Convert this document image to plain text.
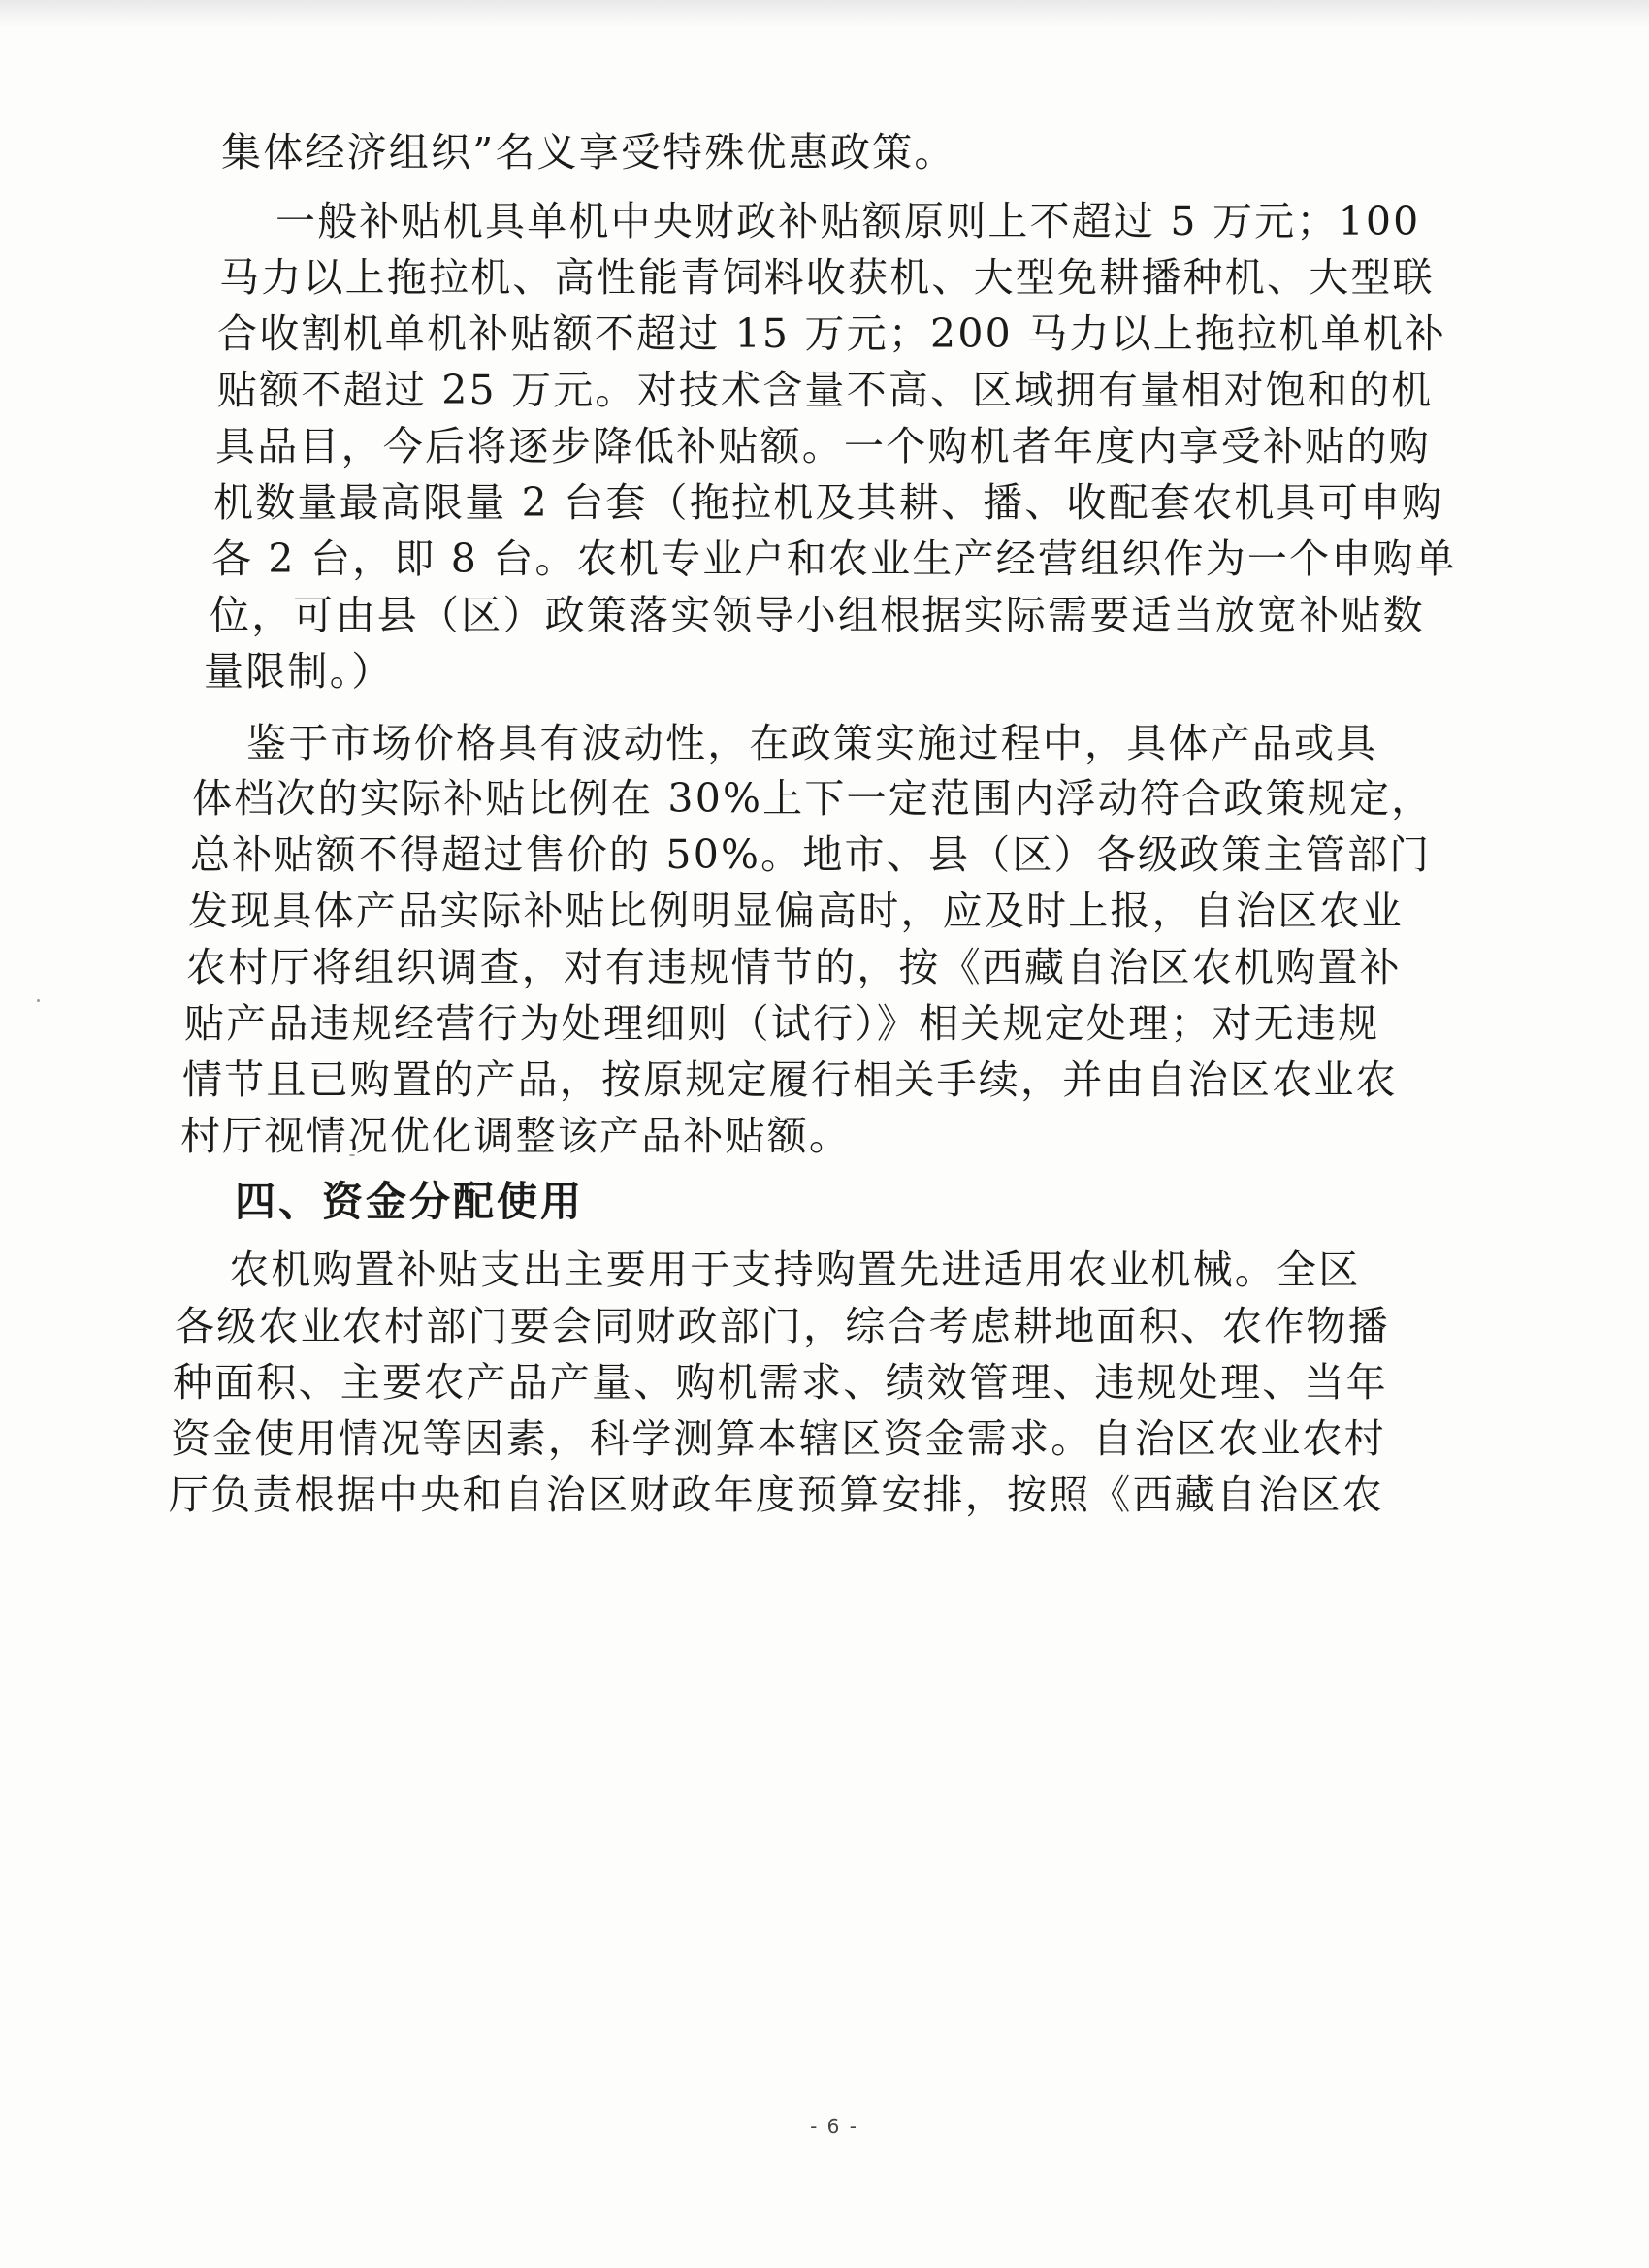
集体经济组织”名义享受特殊优惠政策。
一般补贴机具单机中央财政补贴额原则上不超过 5 万元；100
马力以上拖拉机、高性能青饲料收获机、大型免耕播种机、大型联
合收割机单机补贴额不超过 15 万元；200 马力以上拖拉机单机补
贴额不超过 25 万元。对技术含量不高、区域拥有量相对饱和的机
具品目，今后将逐步降低补贴额。一个购机者年度内享受补贴的购
机数量最高限量 2 台套（拖拉机及其耕、播、收配套农机具可申购
各 2 台，即 8 台。农机专业户和农业生产经营组织作为一个申购单
位，可由县（区）政策落实领导小组根据实际需要适当放宽补贴数
量限制。）
鉴于市场价格具有波动性，在政策实施过程中，具体产品或具
体档次的实际补贴比例在 30%上下一定范围内浮动符合政策规定，
总补贴额不得超过售价的 50%。地市、县（区）各级政策主管部门
发现具体产品实际补贴比例明显偏高时，应及时上报，自治区农业
农村厅将组织调查，对有违规情节的，按《西藏自治区农机购置补
贴产品违规经营行为处理细则（试行）》相关规定处理；对无违规
情节且已购置的产品，按原规定履行相关手续，并由自治区农业农
村厅视情况优化调整该产品补贴额。
四、资金分配使用
农机购置补贴支出主要用于支持购置先进适用农业机械。全区
各级农业农村部门要会同财政部门，综合考虑耕地面积、农作物播
种面积、主要农产品产量、购机需求、绩效管理、违规处理、当年
资金使用情况等因素，科学测算本辖区资金需求。自治区农业农村
厅负责根据中央和自治区财政年度预算安排，按照《西藏自治区农
- 6 -
